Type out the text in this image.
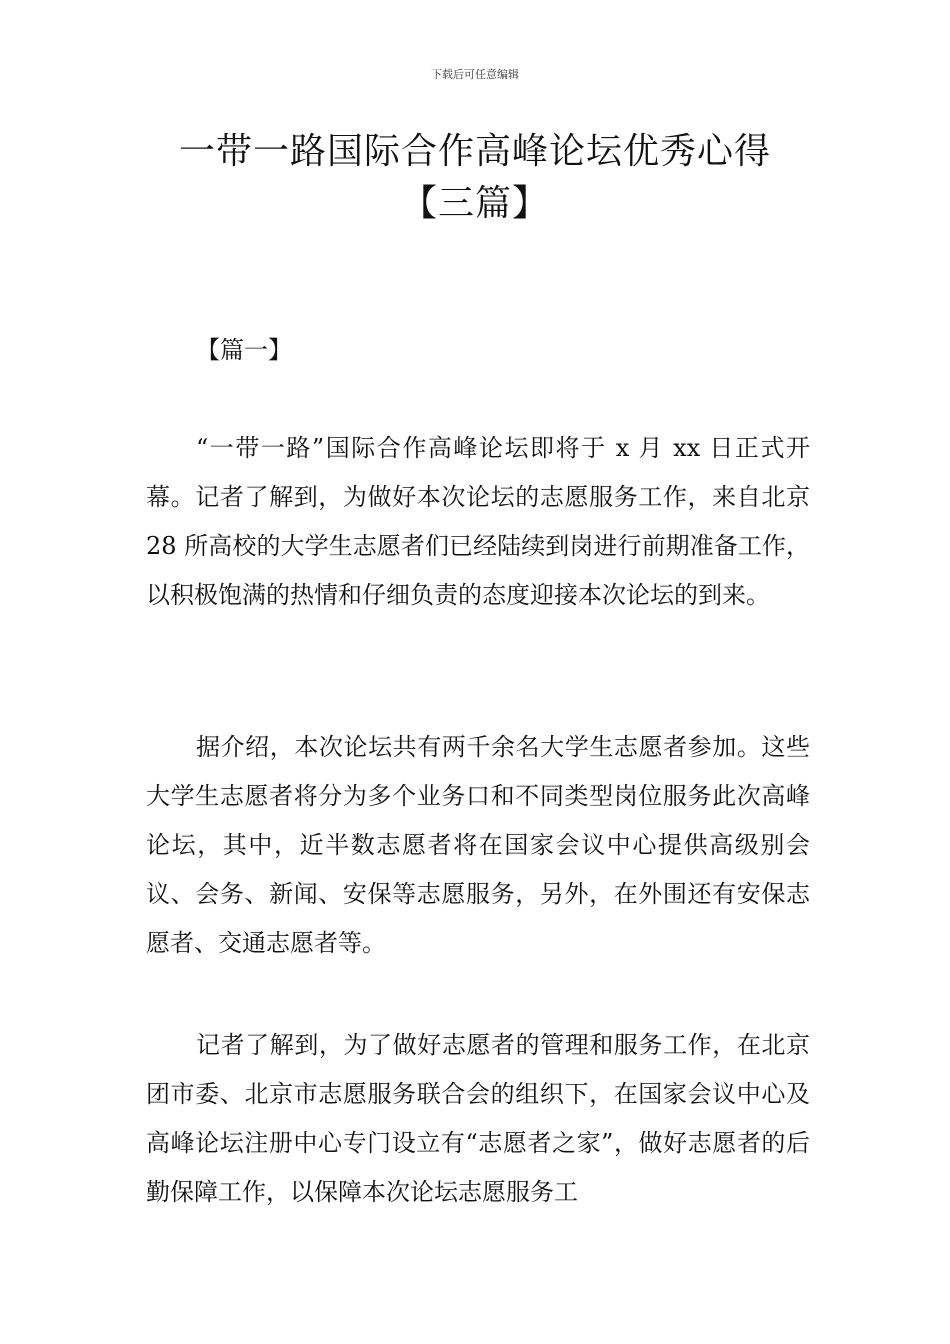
下载后可任意编辑
一带一路国际合作高峰论坛优秀心得【三篇】

【篇一】

“一带一路”国际合作高峰论坛即将于 x 月 xx 日正式开幕。记者了解到，为做好本次论坛的志愿服务工作，来自北京 28 所高校的大学生志愿者们已经陆续到岗进行前期准备工作，以积极饱满的热情和仔细负责的态度迎接本次论坛的到来。

据介绍，本次论坛共有两千余名大学生志愿者参加。这些大学生志愿者将分为多个业务口和不同类型岗位服务此次高峰论坛，其中，近半数志愿者将在国家会议中心提供高级别会议、会务、新闻、安保等志愿服务，另外，在外围还有安保志愿者、交通志愿者等。

记者了解到，为了做好志愿者的管理和服务工作，在北京团市委、北京市志愿服务联合会的组织下，在国家会议中心及高峰论坛注册中心专门设立有“志愿者之家”，做好志愿者的后勤保障工作，以保障本次论坛志愿服务工
